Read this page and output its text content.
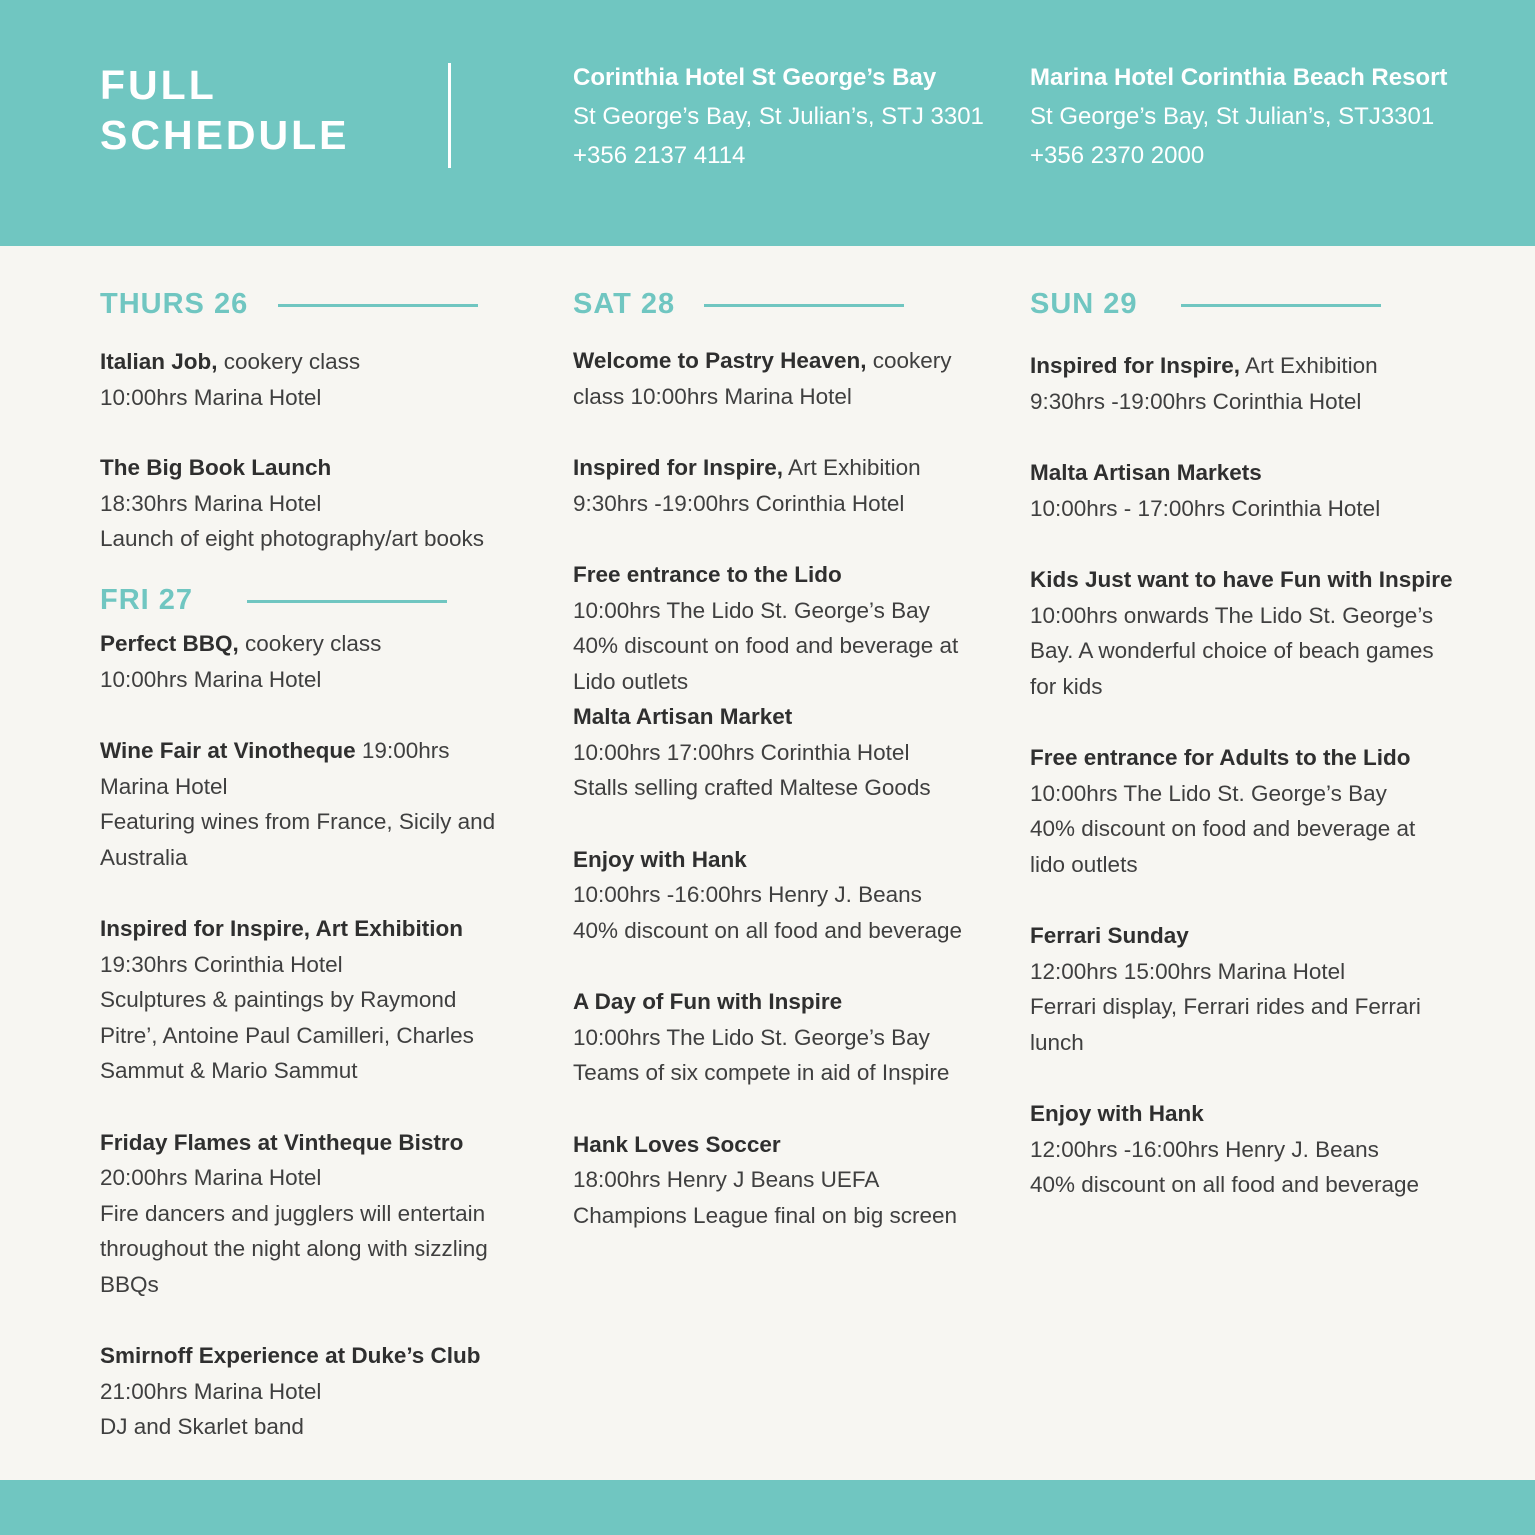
FULL
SCHEDULE
Corinthia Hotel St George’s Bay
St George’s Bay, St Julian’s, STJ 3301
+356 2137 4114
Marina Hotel Corinthia Beach Resort
St George’s Bay, St Julian’s, STJ3301
+356 2370 2000
THURS 26
Italian Job, cookery class
10:00hrs Marina Hotel
The Big Book Launch
18:30hrs Marina Hotel
Launch of eight photography/art books
FRI 27
Perfect BBQ, cookery class
10:00hrs Marina Hotel
Wine Fair at Vinotheque 19:00hrs
Marina Hotel
Featuring wines from France, Sicily and
Australia
Inspired for Inspire, Art Exhibition
19:30hrs Corinthia Hotel
Sculptures & paintings by Raymond
Pitre’, Antoine Paul Camilleri, Charles
Sammut & Mario Sammut
Friday Flames at Vintheque Bistro
20:00hrs Marina Hotel
Fire dancers and jugglers will entertain
throughout the night along with sizzling
BBQs
Smirnoff Experience at Duke’s Club
21:00hrs Marina Hotel
DJ and Skarlet band
SAT 28
Welcome to Pastry Heaven, cookery
class 10:00hrs Marina Hotel
Inspired for Inspire, Art Exhibition
9:30hrs -19:00hrs Corinthia Hotel
Free entrance to the Lido
10:00hrs The Lido St. George’s Bay
40% discount on food and beverage at
Lido outlets
Malta Artisan Market
10:00hrs 17:00hrs Corinthia Hotel
Stalls selling crafted Maltese Goods
Enjoy with Hank
10:00hrs -16:00hrs Henry J. Beans
40% discount on all food and beverage
A Day of Fun with Inspire
10:00hrs The Lido St. George’s Bay
Teams of six compete in aid of Inspire
Hank Loves Soccer
18:00hrs Henry J Beans UEFA
Champions League final on big screen
SUN 29
Inspired for Inspire, Art Exhibition
9:30hrs -19:00hrs Corinthia Hotel
Malta Artisan Markets
10:00hrs - 17:00hrs Corinthia Hotel
Kids Just want to have Fun with Inspire
10:00hrs onwards The Lido St. George’s
Bay. A wonderful choice of beach games
for kids
Free entrance for Adults to the Lido
10:00hrs The Lido St. George’s Bay
40% discount on food and beverage at
lido outlets
Ferrari Sunday
12:00hrs 15:00hrs Marina Hotel
Ferrari display, Ferrari rides and Ferrari
lunch
Enjoy with Hank
12:00hrs -16:00hrs Henry J. Beans
40% discount on all food and beverage
